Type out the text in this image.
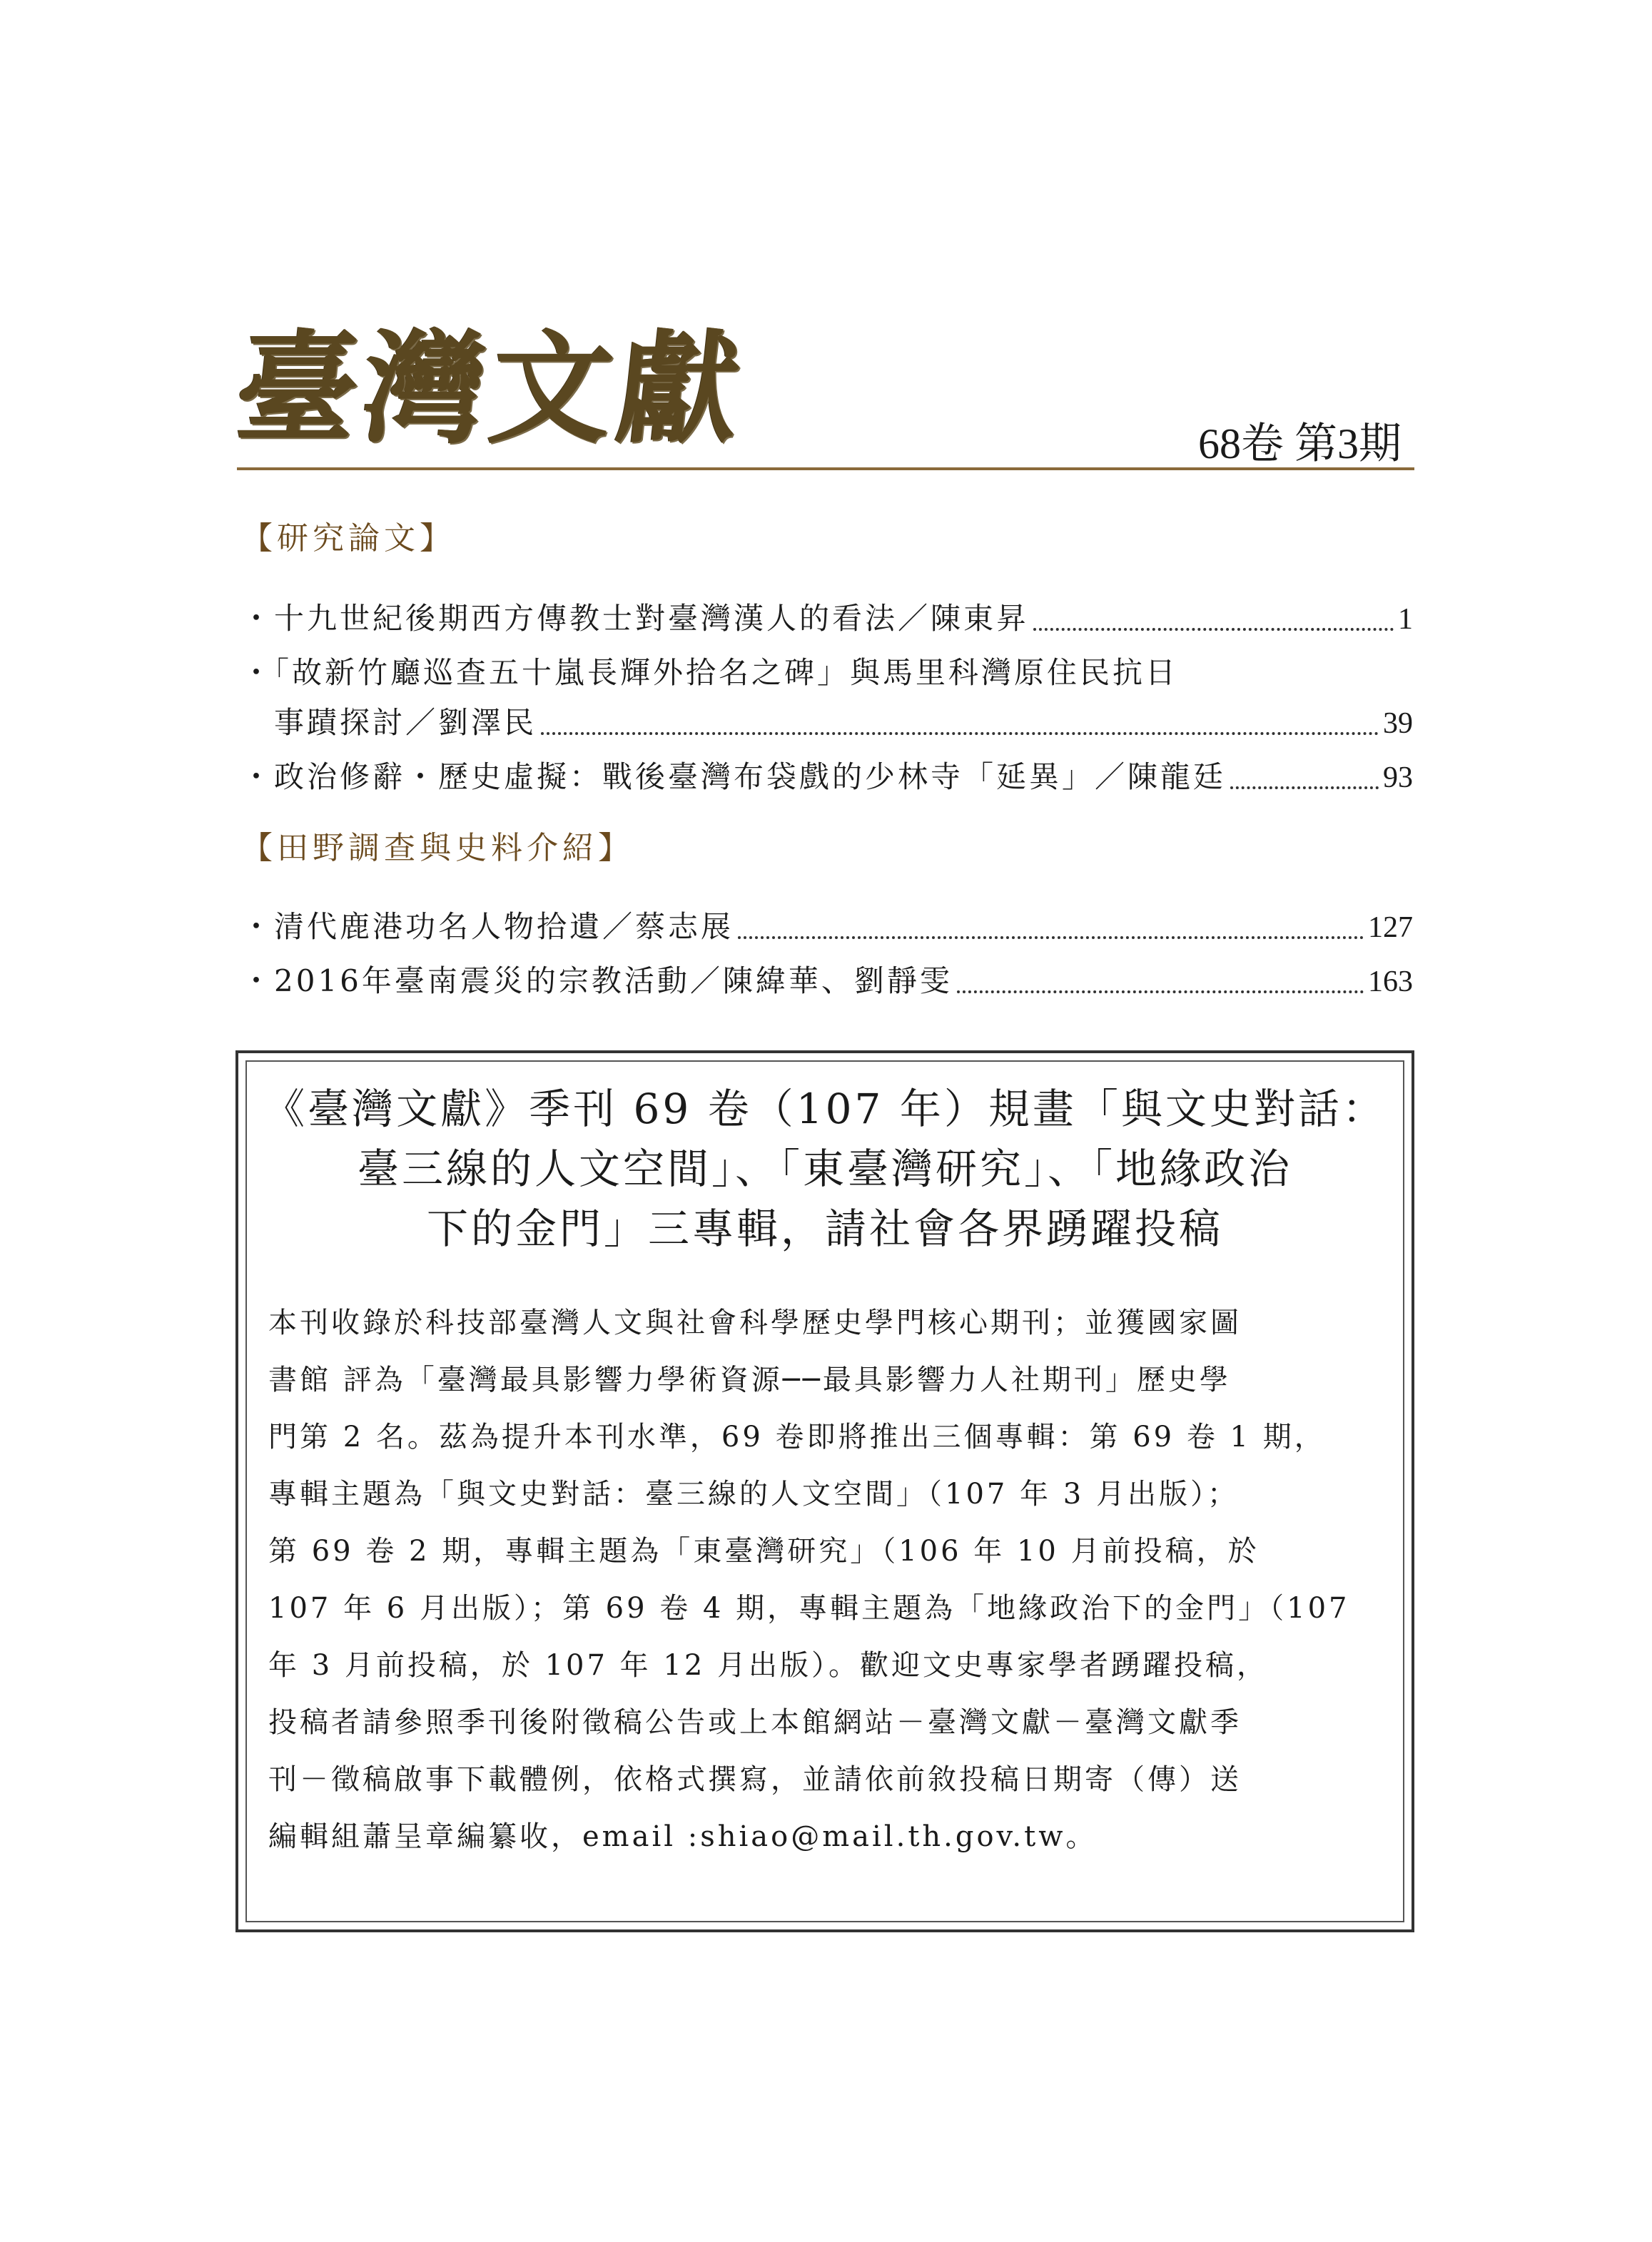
臺灣文獻	68卷 第3期
【研究論文】
・十九世紀後期西方傳教士對臺灣漢人的看法／陳東昇	1
・「故新竹廳巡查五十嵐長輝外拾名之碑」與馬里科灣原住民抗日
　事蹟探討／劉澤民	39
・政治修辭・歷史虛擬：戰後臺灣布袋戲的少林寺「延異」／陳龍廷	93
【田野調查與史料介紹】
・清代鹿港功名人物拾遺／蔡志展	127
・2016年臺南震災的宗教活動／陳緯華、劉靜雯	163
《臺灣文獻》季刊 69 卷（107 年）規畫「與文史對話：
臺三線的人文空間」、「東臺灣研究」、「地緣政治
下的金門」三專輯，請社會各界踴躍投稿
本刊收錄於科技部臺灣人文與社會科學歷史學門核心期刊；並獲國家圖
書館 評為「臺灣最具影響力學術資源──最具影響力人社期刊」歷史學
門第 2 名。茲為提升本刊水準，69 卷即將推出三個專輯：第 69 卷 1 期，
專輯主題為「與文史對話：臺三線的人文空間」（107 年 3 月出版）；
第 69 卷 2 期，專輯主題為「東臺灣研究」（106 年 10 月前投稿，於
107 年 6 月出版）；第 69 卷 4 期，專輯主題為「地緣政治下的金門」（107
年 3 月前投稿，於 107 年 12 月出版）。歡迎文史專家學者踴躍投稿，
投稿者請參照季刊後附徵稿公告或上本館網站－臺灣文獻－臺灣文獻季
刊－徵稿啟事下載體例，依格式撰寫，並請依前敘投稿日期寄（傳）送
編輯組蕭呈章編纂收，email :shiao@mail.th.gov.tw。
